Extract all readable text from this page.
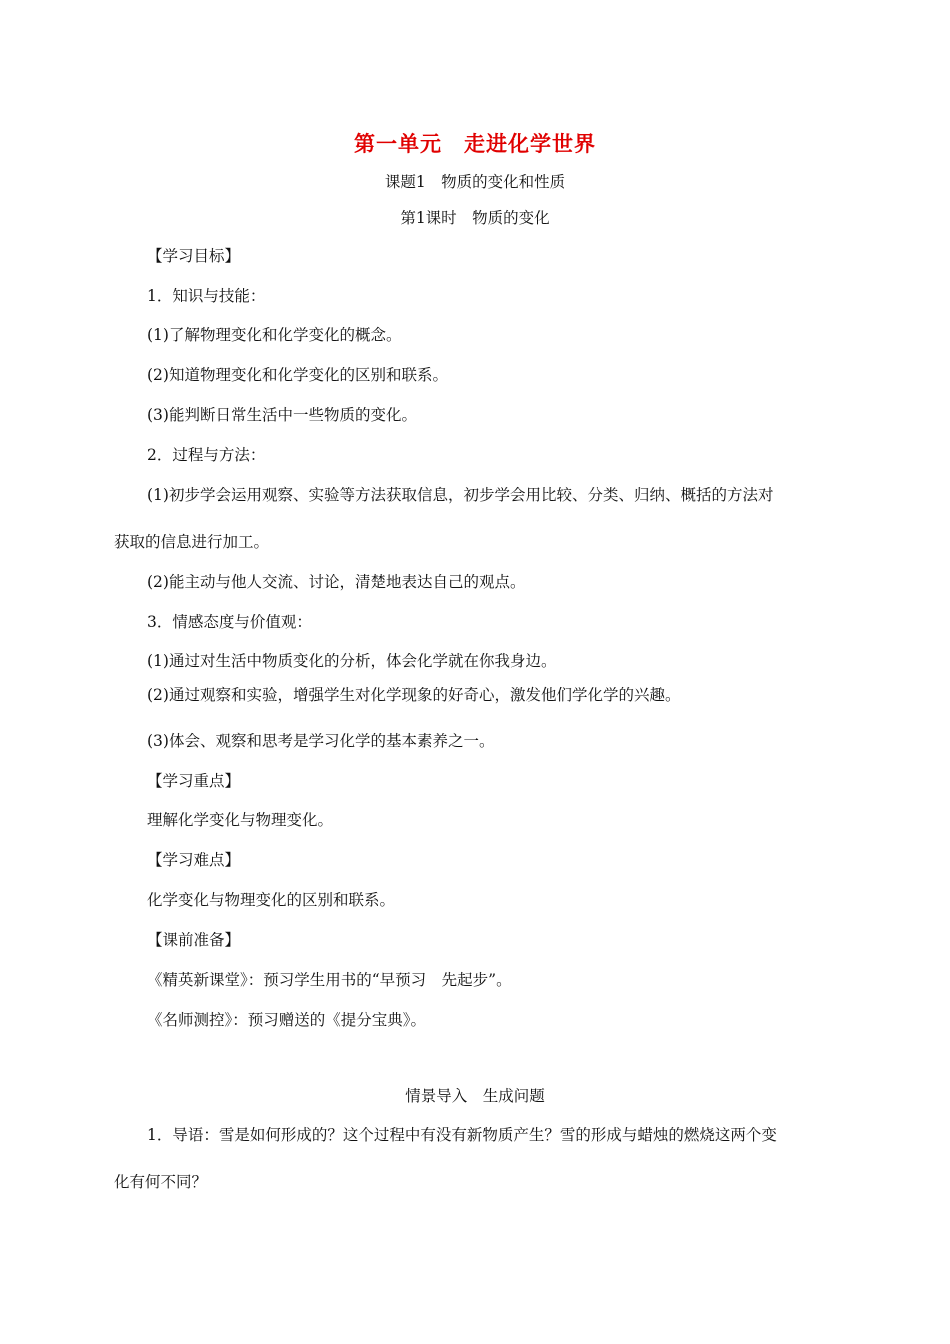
第一单元　走进化学世界
课题1　物质的变化和性质
第1课时　物质的变化
【学习目标】
1．知识与技能：
(1)了解物理变化和化学变化的概念。
(2)知道物理变化和化学变化的区别和联系。
(3)能判断日常生活中一些物质的变化。
2．过程与方法：
(1)初步学会运用观察、实验等方法获取信息，初步学会用比较、分类、归纳、概括的方法对
获取的信息进行加工。
(2)能主动与他人交流、讨论，清楚地表达自己的观点。
3．情感态度与价值观：
(1)通过对生活中物质变化的分析，体会化学就在你我身边。
(2)通过观察和实验，增强学生对化学现象的好奇心，激发他们学化学的兴趣。
(3)体会、观察和思考是学习化学的基本素养之一。
【学习重点】
理解化学变化与物理变化。
【学习难点】
化学变化与物理变化的区别和联系。
【课前准备】
《精英新课堂》：预习学生用书的“早预习　先起步”。
《名师测控》：预习赠送的《提分宝典》。
情景导入　生成问题
1．导语：雪是如何形成的？这个过程中有没有新物质产生？雪的形成与蜡烛的燃烧这两个变
化有何不同？
